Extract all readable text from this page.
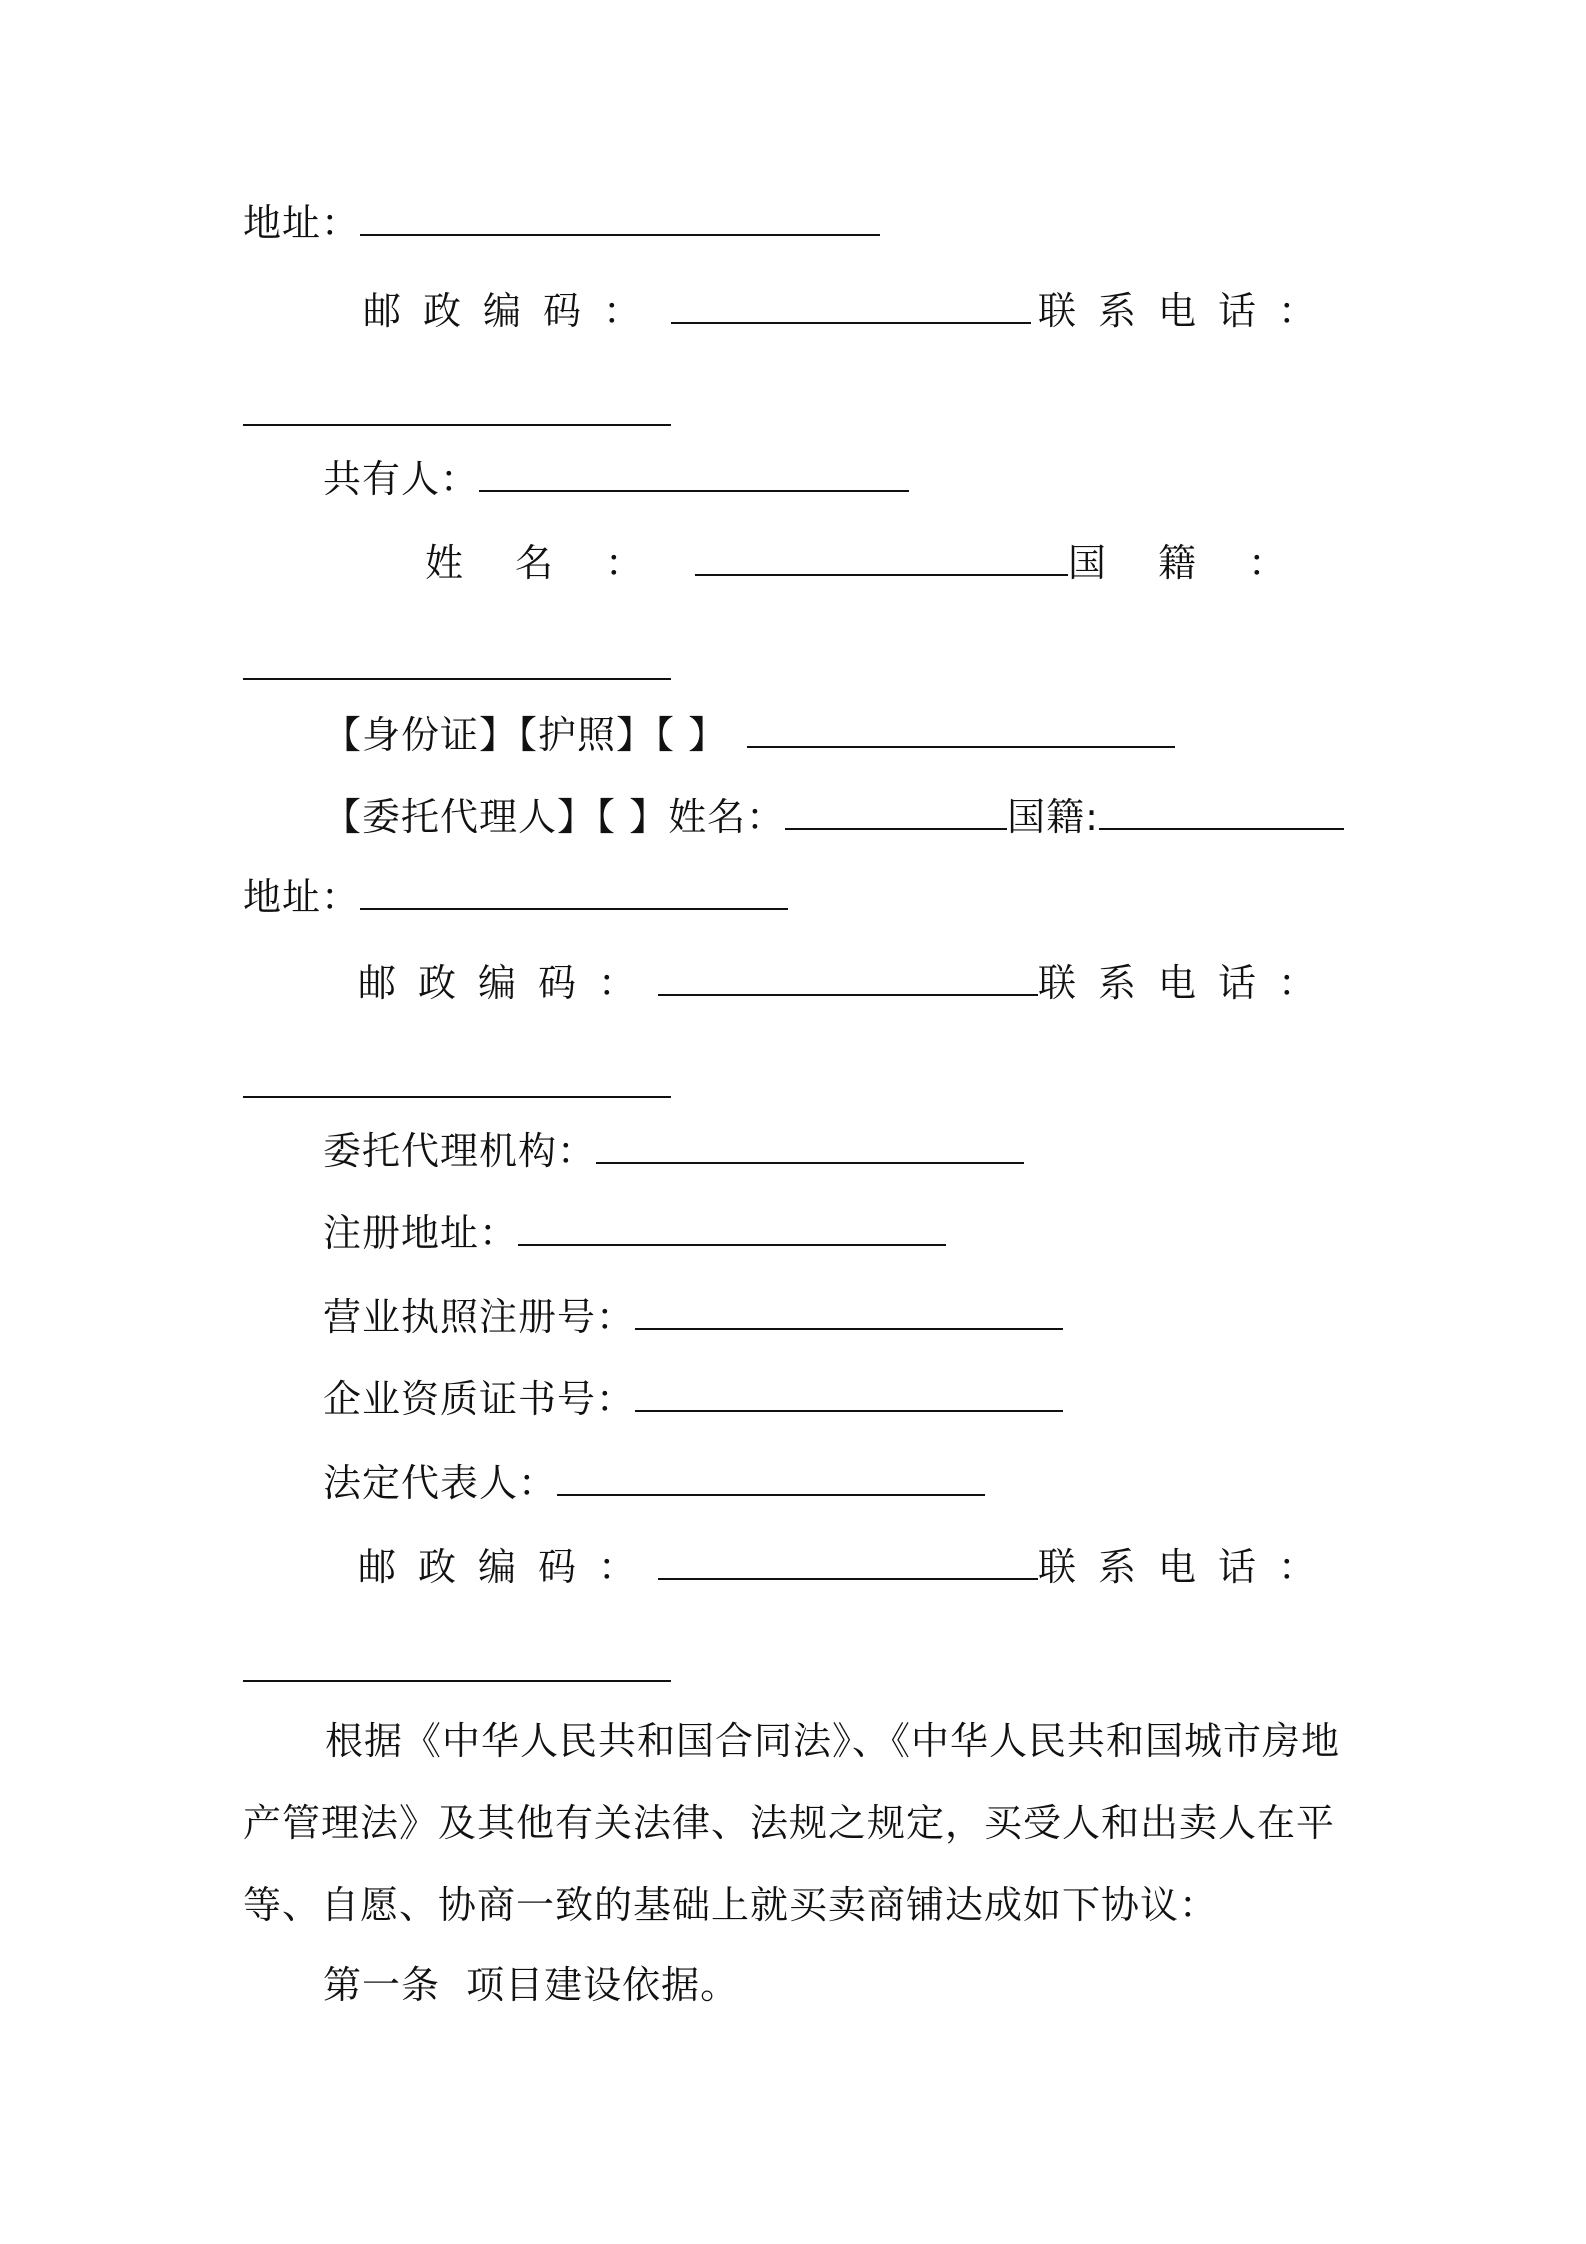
地址：
邮政编码：	联系电话：
共有人：
姓名：	国籍：
【身份证】【护照】【 】
【委托代理人】【 】姓名：	国籍:
地址：
邮政编码：	联系电话：
委托代理机构：
注册地址：
营业执照注册号：
企业资质证书号：
法定代表人：
邮政编码：	联系电话：
根据《中华人民共和国合同法》、《中华人民共和国城市房地产管理法》及其他有关法律、法规之规定，买受人和出卖人在平等、自愿、协商一致的基础上就买卖商铺达成如下协议：
第一条  项目建设依据。
